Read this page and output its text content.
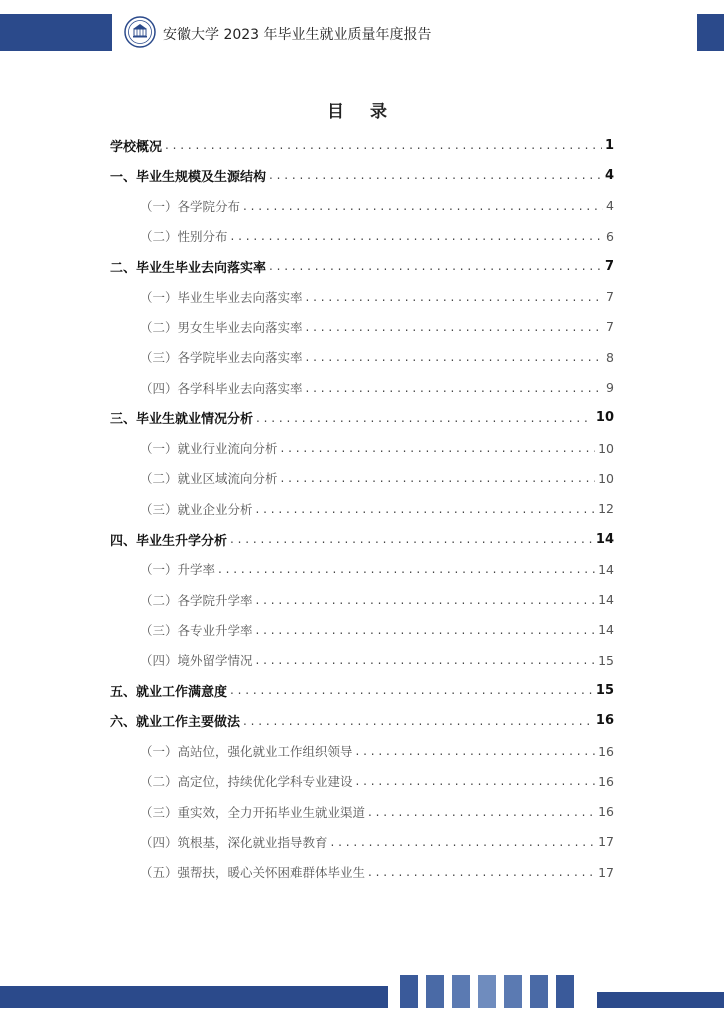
安徽大学 2023 年毕业生就业质量年度报告
目 录
学校概况 . . .	1
一、毕业生规模及生源结构 . . .	4
（一）各学院分布 . . .	4
（二）性别分布 . . .	6
二、毕业生毕业去向落实率 . . .	7
（一）毕业生毕业去向落实率 . . .	7
（二）男女生毕业去向落实率 . . .	7
（三）各学院毕业去向落实率 . . .	8
（四）各学科毕业去向落实率 . . .	9
三、毕业生就业情况分析 . . .	10
（一）就业行业流向分析 . . .	10
（二）就业区域流向分析 . . .	10
（三）就业企业分析 . . .	12
四、毕业生升学分析 . . .	14
（一）升学率 . . .	14
（二）各学院升学率 . . .	14
（三）各专业升学率 . . .	14
（四）境外留学情况 . . .	15
五、就业工作满意度 . . .	15
六、就业工作主要做法 . . .	16
（一）高站位，强化就业工作组织领导 . . .	16
（二）高定位，持续优化学科专业建设 . . .	16
（三）重实效，全力开拓毕业生就业渠道 . . .	16
（四）筑根基，深化就业指导教育 . . .	17
（五）强帮扶，暖心关怀困难群体毕业生 . . .	17
